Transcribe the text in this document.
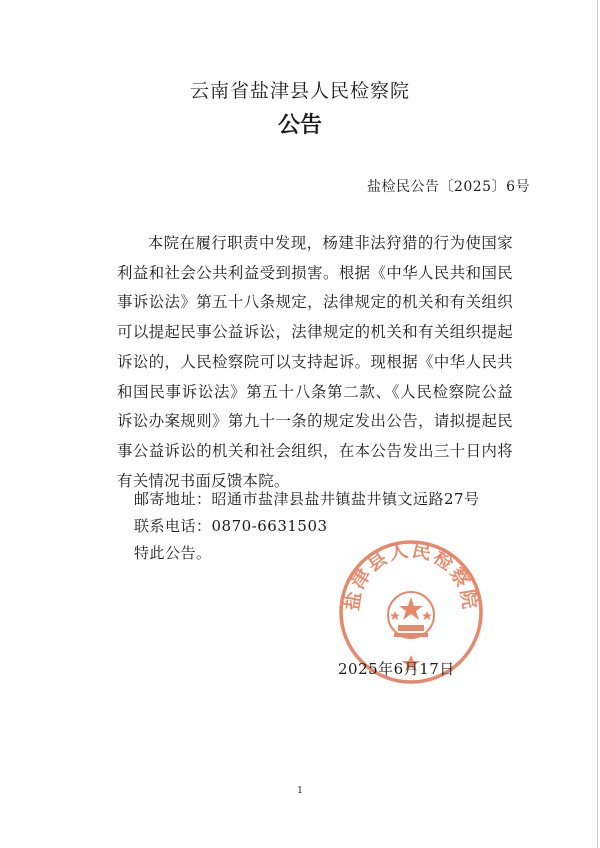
云南省盐津县人民检察院
公告
盐检民公告〔2025〕6号

本院在履行职责中发现，杨建非法狩猎的行为使国家利益和社会公共利益受到损害。根据《中华人民共和国民事诉讼法》第五十八条规定，法律规定的机关和有关组织可以提起民事公益诉讼，法律规定的机关和有关组织提起诉讼的，人民检察院可以支持起诉。现根据《中华人民共和国民事诉讼法》第五十八条第二款、《人民检察院公益诉讼办案规则》第九十一条的规定发出公告，请拟提起民事公益诉讼的机关和社会组织，在本公告发出三十日内将有关情况书面反馈本院。

邮寄地址：昭通市盐津县盐井镇盐井镇文远路27号

联系电话：0870-6631503

特此公告。

盐津县人民检察院
2025年6月17日
1
